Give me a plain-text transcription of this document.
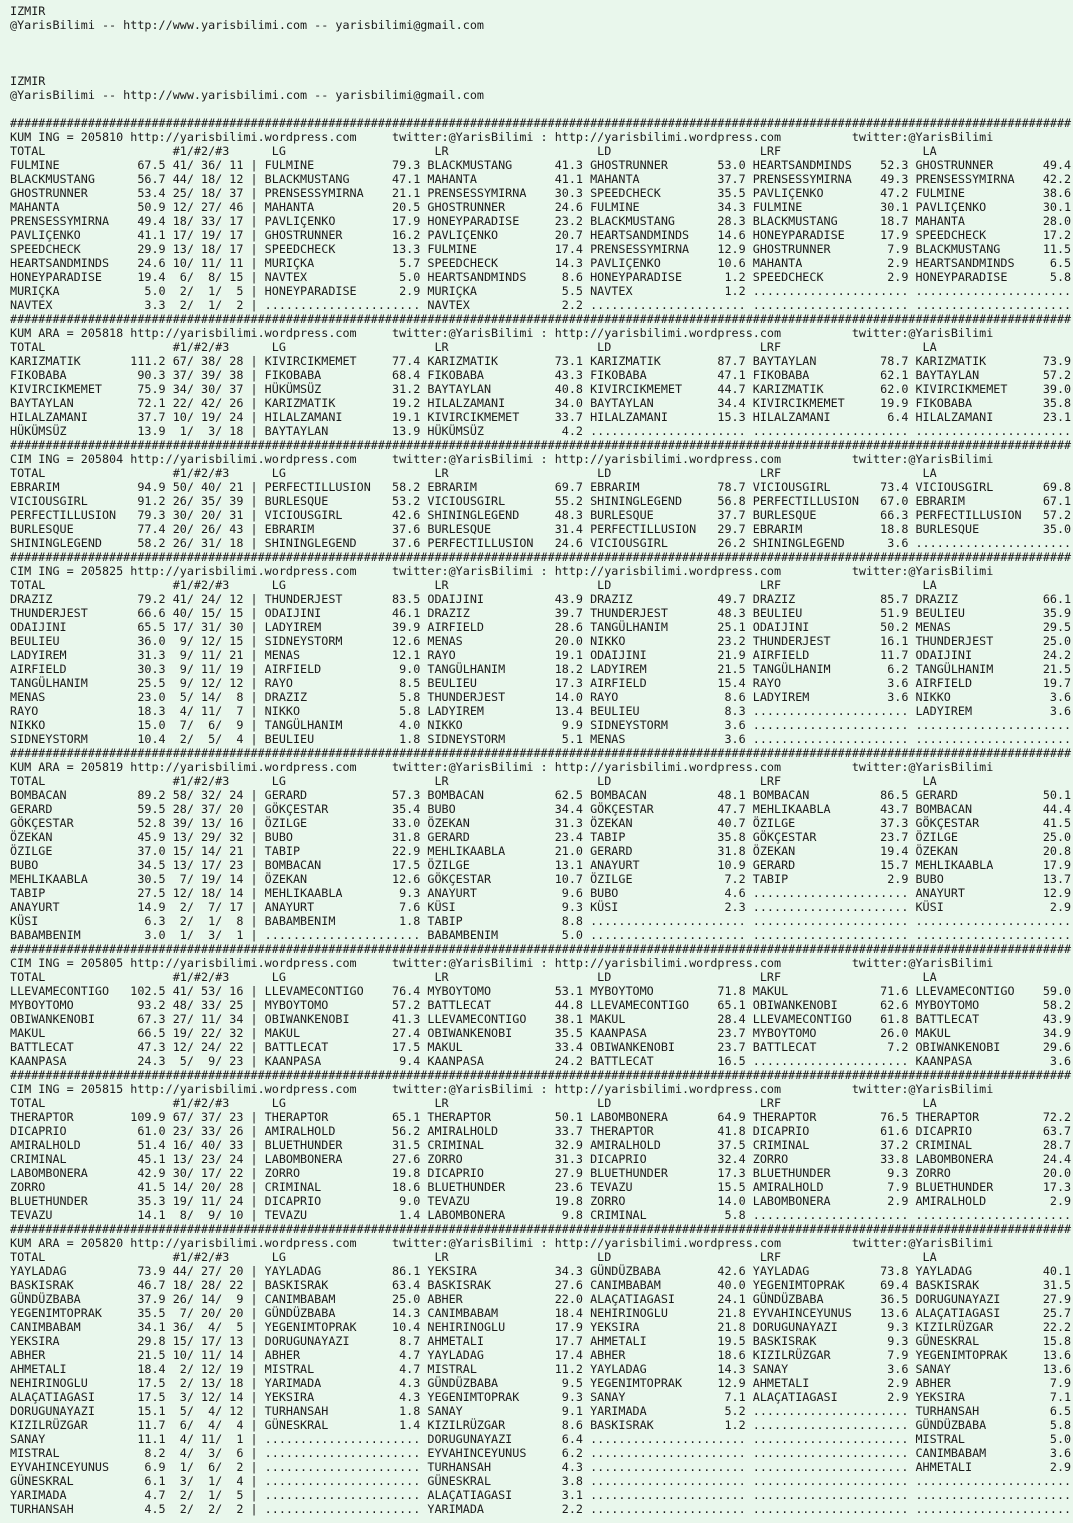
IZMIR
@YarisBilimi -- http://www.yarisbilimi.com -- yarisbilimi@gmail.com
IZMIR
@YarisBilimi -- http://www.yarisbilimi.com -- yarisbilimi@gmail.com
######################################################################################################################################################
KUM ING = 205810 http://yarisbilimi.wordpress.com     twitter:@YarisBilimi : http://yarisbilimi.wordpress.com          twitter:@YarisBilimi
TOTAL                  #1/#2/#3      LG                     LR                     LD                     LRF                    LA
FULMINE           67.5 41/ 36/ 11 | FULMINE           79.3 BLACKMUSTANG      41.3 GHOSTRUNNER       53.0 HEARTSANDMINDS    52.3 GHOSTRUNNER       49.4
BLACKMUSTANG      56.7 44/ 18/ 12 | BLACKMUSTANG      47.1 MAHANTA           41.1 MAHANTA           37.7 PRENSESSYMIRNA    49.3 PRENSESSYMIRNA    42.2
GHOSTRUNNER       53.4 25/ 18/ 37 | PRENSESSYMIRNA    21.1 PRENSESSYMIRNA    30.3 SPEEDCHECK        35.5 PAVLIÇENKO        47.2 FULMINE           38.6
MAHANTA           50.9 12/ 27/ 46 | MAHANTA           20.5 GHOSTRUNNER       24.6 FULMINE           34.3 FULMINE           30.1 PAVLIÇENKO        30.1
PRENSESSYMIRNA    49.4 18/ 33/ 17 | PAVLIÇENKO        17.9 HONEYPARADISE     23.2 BLACKMUSTANG      28.3 BLACKMUSTANG      18.7 MAHANTA           28.0
PAVLIÇENKO        41.1 17/ 19/ 17 | GHOSTRUNNER       16.2 PAVLIÇENKO        20.7 HEARTSANDMINDS    14.6 HONEYPARADISE     17.9 SPEEDCHECK        17.2
SPEEDCHECK        29.9 13/ 18/ 17 | SPEEDCHECK        13.3 FULMINE           17.4 PRENSESSYMIRNA    12.9 GHOSTRUNNER        7.9 BLACKMUSTANG      11.5
HEARTSANDMINDS    24.6 10/ 11/ 11 | MURIÇKA            5.7 SPEEDCHECK        14.3 PAVLIÇENKO        10.6 MAHANTA            2.9 HEARTSANDMINDS     6.5
HONEYPARADISE     19.4  6/  8/ 15 | NAVTEX             5.0 HEARTSANDMINDS     8.6 HONEYPARADISE      1.2 SPEEDCHECK         2.9 HONEYPARADISE      5.8
MURIÇKA            5.0  2/  1/  5 | HONEYPARADISE      2.9 MURIÇKA            5.5 NAVTEX             1.2 ...................... ......................
NAVTEX             3.3  2/  1/  2 | ...................... NAVTEX             2.2 ...................... ...................... ......................
######################################################################################################################################################
KUM ARA = 205818 http://yarisbilimi.wordpress.com     twitter:@YarisBilimi : http://yarisbilimi.wordpress.com          twitter:@YarisBilimi
TOTAL                  #1/#2/#3      LG                     LR                     LD                     LRF                    LA
KARIZMATIK       111.2 67/ 38/ 28 | KIVIRCIKMEMET     77.4 KARIZMATIK        73.1 KARIZMATIK        87.7 BAYTAYLAN         78.7 KARIZMATIK        73.9
FIKOBABA          90.3 37/ 39/ 38 | FIKOBABA          68.4 FIKOBABA          43.3 FIKOBABA          47.1 FIKOBABA          62.1 BAYTAYLAN         57.2
KIVIRCIKMEMET     75.9 34/ 30/ 37 | HÜKÜMSÜZ          31.2 BAYTAYLAN         40.8 KIVIRCIKMEMET     44.7 KARIZMATIK        62.0 KIVIRCIKMEMET     39.0
BAYTAYLAN         72.1 22/ 42/ 26 | KARIZMATIK        19.2 HILALZAMANI       34.0 BAYTAYLAN         34.4 KIVIRCIKMEMET     19.9 FIKOBABA          35.8
HILALZAMANI       37.7 10/ 19/ 24 | HILALZAMANI       19.1 KIVIRCIKMEMET     33.7 HILALZAMANI       15.3 HILALZAMANI        6.4 HILALZAMANI       23.1
HÜKÜMSÜZ          13.9  1/  3/ 18 | BAYTAYLAN         13.9 HÜKÜMSÜZ           4.2 ...................... ...................... ......................
######################################################################################################################################################
CIM ING = 205804 http://yarisbilimi.wordpress.com     twitter:@YarisBilimi : http://yarisbilimi.wordpress.com          twitter:@YarisBilimi
TOTAL                  #1/#2/#3      LG                     LR                     LD                     LRF                    LA
EBRARIM           94.9 50/ 40/ 21 | PERFECTILLUSION   58.2 EBRARIM           69.7 EBRARIM           78.7 VICIOUSGIRL       73.4 VICIOUSGIRL       69.8
VICIOUSGIRL       91.2 26/ 35/ 39 | BURLESQUE         53.2 VICIOUSGIRL       55.2 SHININGLEGEND     56.8 PERFECTILLUSION   67.0 EBRARIM           67.1
PERFECTILLUSION   79.3 30/ 20/ 31 | VICIOUSGIRL       42.6 SHININGLEGEND     48.3 BURLESQUE         37.7 BURLESQUE         66.3 PERFECTILLUSION   57.2
BURLESQUE         77.4 20/ 26/ 43 | EBRARIM           37.6 BURLESQUE         31.4 PERFECTILLUSION   29.7 EBRARIM           18.8 BURLESQUE         35.0
SHININGLEGEND     58.2 26/ 31/ 18 | SHININGLEGEND     37.6 PERFECTILLUSION   24.6 VICIOUSGIRL       26.2 SHININGLEGEND      3.6 ......................
######################################################################################################################################################
CIM ING = 205825 http://yarisbilimi.wordpress.com     twitter:@YarisBilimi : http://yarisbilimi.wordpress.com          twitter:@YarisBilimi
TOTAL                  #1/#2/#3      LG                     LR                     LD                     LRF                    LA
DRAZIZ            79.2 41/ 24/ 12 | THUNDERJEST       83.5 ODAIJINI          43.9 DRAZIZ            49.7 DRAZIZ            85.7 DRAZIZ            66.1
THUNDERJEST       66.6 40/ 15/ 15 | ODAIJINI          46.1 DRAZIZ            39.7 THUNDERJEST       48.3 BEULIEU           51.9 BEULIEU           35.9
ODAIJINI          65.5 17/ 31/ 30 | LADYIREM          39.9 AIRFIELD          28.6 TANGÜLHANIM       25.1 ODAIJINI          50.2 MENAS             29.5
BEULIEU           36.0  9/ 12/ 15 | SIDNEYSTORM       12.6 MENAS             20.0 NIKKO             23.2 THUNDERJEST       16.1 THUNDERJEST       25.0
LADYIREM          31.3  9/ 11/ 21 | MENAS             12.1 RAYO              19.1 ODAIJINI          21.9 AIRFIELD          11.7 ODAIJINI          24.2
AIRFIELD          30.3  9/ 11/ 19 | AIRFIELD           9.0 TANGÜLHANIM       18.2 LADYIREM          21.5 TANGÜLHANIM        6.2 TANGÜLHANIM       21.5
TANGÜLHANIM       25.5  9/ 12/ 12 | RAYO               8.5 BEULIEU           17.3 AIRFIELD          15.4 RAYO               3.6 AIRFIELD          19.7
MENAS             23.0  5/ 14/  8 | DRAZIZ             5.8 THUNDERJEST       14.0 RAYO               8.6 LADYIREM           3.6 NIKKO              3.6
RAYO              18.3  4/ 11/  7 | NIKKO              5.8 LADYIREM          13.4 BEULIEU            8.3 ...................... LADYIREM           3.6
NIKKO             15.0  7/  6/  9 | TANGÜLHANIM        4.0 NIKKO              9.9 SIDNEYSTORM        3.6 ...................... ......................
SIDNEYSTORM       10.4  2/  5/  4 | BEULIEU            1.8 SIDNEYSTORM        5.1 MENAS              3.6 ...................... ......................
######################################################################################################################################################
KUM ARA = 205819 http://yarisbilimi.wordpress.com     twitter:@YarisBilimi : http://yarisbilimi.wordpress.com          twitter:@YarisBilimi
TOTAL                  #1/#2/#3      LG                     LR                     LD                     LRF                    LA
BOMBACAN          89.2 58/ 32/ 24 | GERARD            57.3 BOMBACAN          62.5 BOMBACAN          48.1 BOMBACAN          86.5 GERARD            50.1
GERARD            59.5 28/ 37/ 20 | GÖKÇESTAR         35.4 BUBO              34.4 GÖKÇESTAR         47.7 MEHLIKAABLA       43.7 BOMBACAN          44.4
GÖKÇESTAR         52.8 39/ 13/ 16 | ÖZILGE            33.0 ÖZEKAN            31.3 ÖZEKAN            40.7 ÖZILGE            37.3 GÖKÇESTAR         41.5
ÖZEKAN            45.9 13/ 29/ 32 | BUBO              31.8 GERARD            23.4 TABIP             35.8 GÖKÇESTAR         23.7 ÖZILGE            25.0
ÖZILGE            37.0 15/ 14/ 21 | TABIP             22.9 MEHLIKAABLA       21.0 GERARD            31.8 ÖZEKAN            19.4 ÖZEKAN            20.8
BUBO              34.5 13/ 17/ 23 | BOMBACAN          17.5 ÖZILGE            13.1 ANAYURT           10.9 GERARD            15.7 MEHLIKAABLA       17.9
MEHLIKAABLA       30.5  7/ 19/ 14 | ÖZEKAN            12.6 GÖKÇESTAR         10.7 ÖZILGE             7.2 TABIP              2.9 BUBO              13.7
TABIP             27.5 12/ 18/ 14 | MEHLIKAABLA        9.3 ANAYURT            9.6 BUBO               4.6 ...................... ANAYURT           12.9
ANAYURT           14.9  2/  7/ 17 | ANAYURT            7.6 KÜSI               9.3 KÜSI               2.3 ...................... KÜSI               2.9
KÜSI               6.3  2/  1/  8 | BABAMBENIM         1.8 TABIP              8.8 ...................... ...................... ......................
BABAMBENIM         3.0  1/  3/  1 | ...................... BABAMBENIM         5.0 ...................... ...................... ......................
######################################################################################################################################################
CIM ING = 205805 http://yarisbilimi.wordpress.com     twitter:@YarisBilimi : http://yarisbilimi.wordpress.com          twitter:@YarisBilimi
TOTAL                  #1/#2/#3      LG                     LR                     LD                     LRF                    LA
LLEVAMECONTIGO   102.5 41/ 53/ 16 | LLEVAMECONTIGO    76.4 MYBOYTOMO         53.1 MYBOYTOMO         71.8 MAKUL             71.6 LLEVAMECONTIGO    59.0
MYBOYTOMO         93.2 48/ 33/ 25 | MYBOYTOMO         57.2 BATTLECAT         44.8 LLEVAMECONTIGO    65.1 OBIWANKENOBI      62.6 MYBOYTOMO         58.2
OBIWANKENOBI      67.3 27/ 11/ 34 | OBIWANKENOBI      41.3 LLEVAMECONTIGO    38.1 MAKUL             28.4 LLEVAMECONTIGO    61.8 BATTLECAT         43.9
MAKUL             66.5 19/ 22/ 32 | MAKUL             27.4 OBIWANKENOBI      35.5 KAANPASA          23.7 MYBOYTOMO         26.0 MAKUL             34.9
BATTLECAT         47.3 12/ 24/ 22 | BATTLECAT         17.5 MAKUL             33.4 OBIWANKENOBI      23.7 BATTLECAT          7.2 OBIWANKENOBI      29.6
KAANPASA          24.3  5/  9/ 23 | KAANPASA           9.4 KAANPASA          24.2 BATTLECAT         16.5 ...................... KAANPASA           3.6
######################################################################################################################################################
CIM ING = 205815 http://yarisbilimi.wordpress.com     twitter:@YarisBilimi : http://yarisbilimi.wordpress.com          twitter:@YarisBilimi
TOTAL                  #1/#2/#3      LG                     LR                     LD                     LRF                    LA
THERAPTOR        109.9 67/ 37/ 23 | THERAPTOR         65.1 THERAPTOR         50.1 LABOMBONERA       64.9 THERAPTOR         76.5 THERAPTOR         72.2
DICAPRIO          61.0 23/ 33/ 26 | AMIRALHOLD        56.2 AMIRALHOLD        33.7 THERAPTOR         41.8 DICAPRIO          61.6 DICAPRIO          63.7
AMIRALHOLD        51.4 16/ 40/ 33 | BLUETHUNDER       31.5 CRIMINAL          32.9 AMIRALHOLD        37.5 CRIMINAL          37.2 CRIMINAL          28.7
CRIMINAL          45.1 13/ 23/ 24 | LABOMBONERA       27.6 ZORRO             31.3 DICAPRIO          32.4 ZORRO             33.8 LABOMBONERA       24.4
LABOMBONERA       42.9 30/ 17/ 22 | ZORRO             19.8 DICAPRIO          27.9 BLUETHUNDER       17.3 BLUETHUNDER        9.3 ZORRO             20.0
ZORRO             41.5 14/ 20/ 28 | CRIMINAL          18.6 BLUETHUNDER       23.6 TEVAZU            15.5 AMIRALHOLD         7.9 BLUETHUNDER       17.3
BLUETHUNDER       35.3 19/ 11/ 24 | DICAPRIO           9.0 TEVAZU            19.8 ZORRO             14.0 LABOMBONERA        2.9 AMIRALHOLD         2.9
TEVAZU            14.1  8/  9/ 10 | TEVAZU             1.4 LABOMBONERA        9.8 CRIMINAL           5.8 ...................... ......................
######################################################################################################################################################
KUM ARA = 205820 http://yarisbilimi.wordpress.com     twitter:@YarisBilimi : http://yarisbilimi.wordpress.com          twitter:@YarisBilimi
TOTAL                  #1/#2/#3      LG                     LR                     LD                     LRF                    LA
YAYLADAG          73.9 44/ 27/ 20 | YAYLADAG          86.1 YEKSIRA           34.3 GÜNDÜZBABA        42.6 YAYLADAG          73.8 YAYLADAG          40.1
BASKISRAK         46.7 18/ 28/ 22 | BASKISRAK         63.4 BASKISRAK         27.6 CANIMBABAM        40.0 YEGENIMTOPRAK     69.4 BASKISRAK         31.5
GÜNDÜZBABA        37.9 26/ 14/  9 | CANIMBABAM        25.0 ABHER             22.0 ALAÇATIAGASI      24.1 GÜNDÜZBABA        36.5 DORUGUNAYAZI      27.9
YEGENIMTOPRAK     35.5  7/ 20/ 20 | GÜNDÜZBABA        14.3 CANIMBABAM        18.4 NEHIRINOGLU       21.8 EYVAHINCEYUNUS    13.6 ALAÇATIAGASI      25.7
CANIMBABAM        34.1 36/  4/  5 | YEGENIMTOPRAK     10.4 NEHIRINOGLU       17.9 YEKSIRA           21.8 DORUGUNAYAZI       9.3 KIZILRÜZGAR       22.2
YEKSIRA           29.8 15/ 17/ 13 | DORUGUNAYAZI       8.7 AHMETALI          17.7 AHMETALI          19.5 BASKISRAK          9.3 GÜNESKRAL         15.8
ABHER             21.5 10/ 11/ 14 | ABHER              4.7 YAYLADAG          17.4 ABHER             18.6 KIZILRÜZGAR        7.9 YEGENIMTOPRAK     13.6
AHMETALI          18.4  2/ 12/ 19 | MISTRAL            4.7 MISTRAL           11.2 YAYLADAG          14.3 SANAY              3.6 SANAY             13.6
NEHIRINOGLU       17.5  2/ 13/ 18 | YARIMADA           4.3 GÜNDÜZBABA         9.5 YEGENIMTOPRAK     12.9 AHMETALI           2.9 ABHER              7.9
ALAÇATIAGASI      17.5  3/ 12/ 14 | YEKSIRA            4.3 YEGENIMTOPRAK      9.3 SANAY              7.1 ALAÇATIAGASI       2.9 YEKSIRA            7.1
DORUGUNAYAZI      15.1  5/  4/ 12 | TURHANSAH          1.8 SANAY              9.1 YARIMADA           5.2 ...................... TURHANSAH          6.5
KIZILRÜZGAR       11.7  6/  4/  4 | GÜNESKRAL          1.4 KIZILRÜZGAR        8.6 BASKISRAK          1.2 ...................... GÜNDÜZBABA         5.8
SANAY             11.1  4/ 11/  1 | ...................... DORUGUNAYAZI       6.4 ...................... ...................... MISTRAL            5.0
MISTRAL            8.2  4/  3/  6 | ...................... EYVAHINCEYUNUS     6.2 ...................... ...................... CANIMBABAM         3.6
EYVAHINCEYUNUS     6.9  1/  6/  2 | ...................... TURHANSAH          4.3 ...................... ...................... AHMETALI           2.9
GÜNESKRAL          6.1  3/  1/  4 | ...................... GÜNESKRAL          3.8 ...................... ...................... ......................
YARIMADA           4.7  2/  1/  5 | ...................... ALAÇATIAGASI       3.1 ...................... ...................... ......................
TURHANSAH          4.5  2/  2/  2 | ...................... YARIMADA           2.2 ...................... ...................... ......................
